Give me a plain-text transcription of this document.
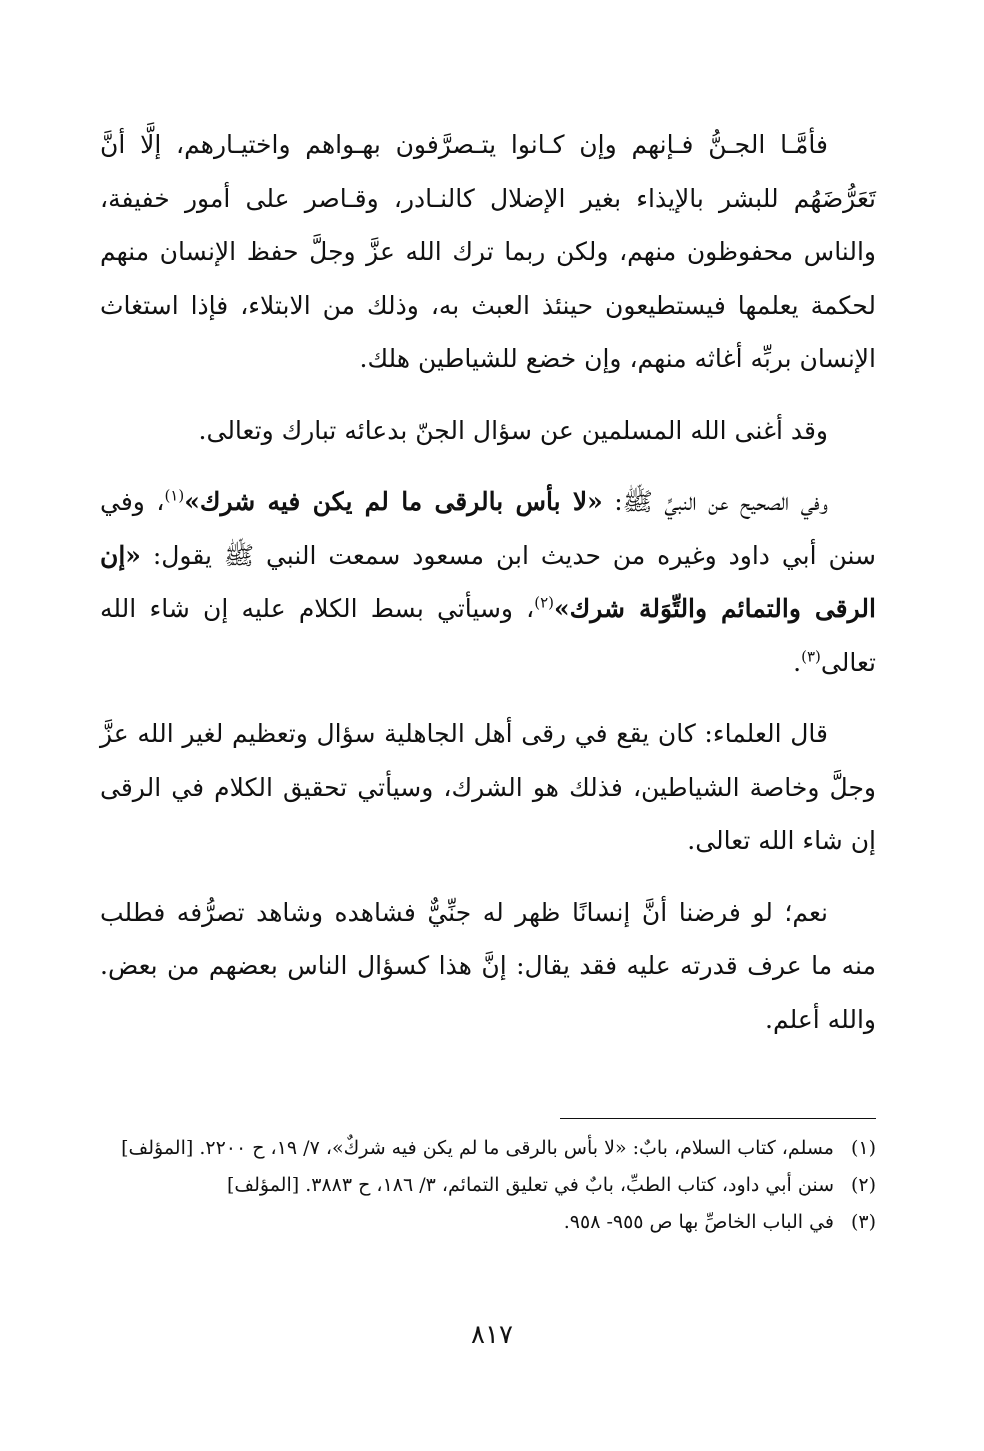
فأمَّـا الجـنُّ فـإنهم وإن كـانوا يتـصرَّفون بهـواهم واختيـارهم، إلَّا أنَّ تَعَرُّضَهُم للبشر بالإيذاء بغير الإضلال كالنـادر، وقـاصر على أمور خفيفة، والناس محفوظون منهم، ولكن ربما ترك الله عزَّ وجلَّ حفظ الإنسان منهم لحكمة يعلمها فيستطيعون حينئذ العبث به، وذلك من الابتلاء، فإذا استغاث الإنسان بربِّه أغاثه منهم، وإن خضع للشياطين هلك.

وقد أغنى الله المسلمين عن سؤال الجنّ بدعائه تبارك وتعالى.

وفي الصحيح عن النبيِّ ﷺ: «لا بأس بالرقى ما لم يكن فيه شرك»$^{(١)}$، وفي سنن أبي داود وغيره من حديث ابن مسعود سمعت النبي ﷺ يقول: «إن الرقى والتمائم والتِّوَلة شرك»$^{(٢)}$، وسيأتي بسط الكلام عليه إن شاء الله تعالى$^{(٣)}$.

قال العلماء: كان يقع في رقى أهل الجاهلية سؤال وتعظيم لغير الله عزَّ وجلَّ وخاصة الشياطين، فذلك هو الشرك، وسيأتي تحقيق الكلام في الرقى إن شاء الله تعالى.

نعم؛ لو فرضنا أنَّ إنسانًا ظهر له جنِّيٌّ فشاهده وشاهد تصرُّفه فطلب منه ما عرف قدرته عليه فقد يقال: إنَّ هذا كسؤال الناس بعضهم من بعض. والله أعلم.

(١)
مسلم، كتاب السلام، بابٌ: «لا بأس بالرقى ما لم يكن فيه شركٌ»، ٧/ ١٩، ح ٢٢٠٠. [المؤلف]
(٢)
سنن أبي داود، كتاب الطبِّ، بابٌ في تعليق التمائم، ٣/ ١٨٦، ح ٣٨٨٣. [المؤلف]
(٣)
في الباب الخاصِّ بها ص ٩٥٥- ٩٥٨.
٨١٧
